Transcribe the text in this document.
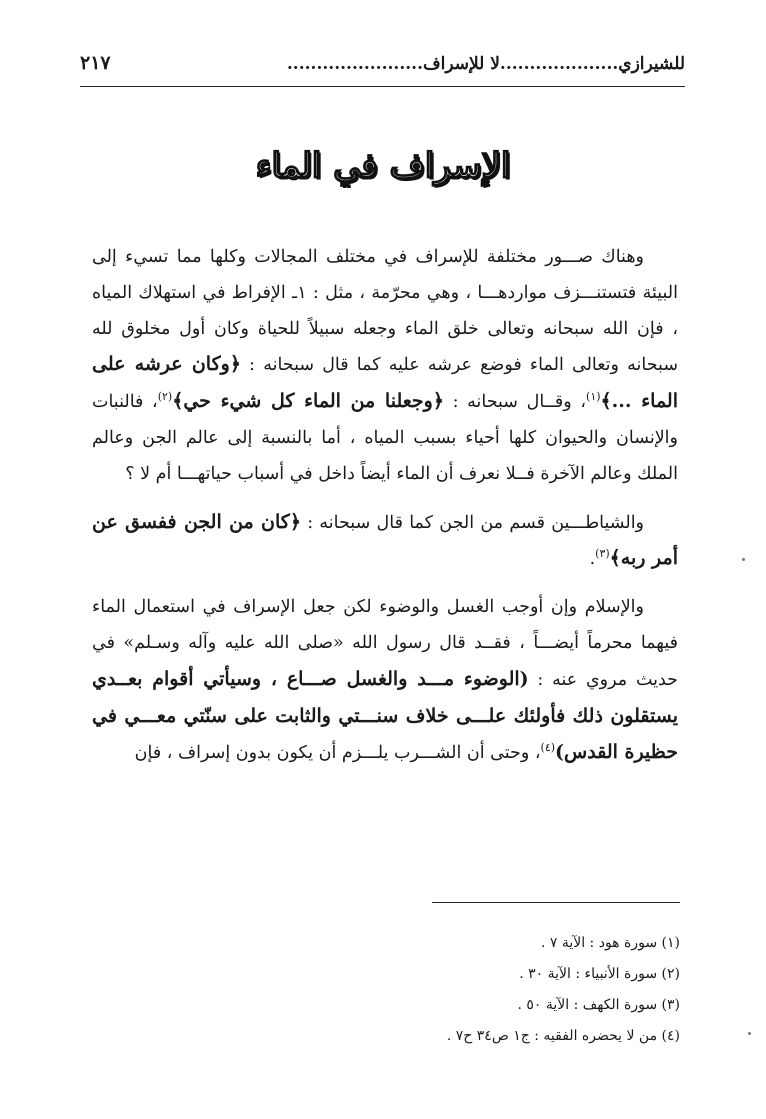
للشيرازي....................لا للإسراف.......................
٢١٧
الإسراف في الماء

وهناك صـــور مختلفة للإسراف في مختلف المجالات وكلها مما تسيء إلى البيئة فتستنـــزف مواردهـــا ، وهي محرّمة ، مثل : ١ـ الإفراط في استهلاك المياه ، فإن الله سبحانه وتعالى خلق الماء وجعله سبيلاً للحياة وكان أول مخلوق لله سبحانه وتعالى الماء فوضع عرشه عليه كما قال سبحانه : ﴿وكان عرشه على الماء ...﴾$^{(١)}$، وقــال سبحانه : ﴿وجعلنا من الماء كل شيء حي﴾$^{(٢)}$، فالنبات والإنسان والحيوان كلها أحياء بسبب المياه ، أما بالنسبة إلى عالم الجن وعالم الملك وعالم الآخرة فــلا نعرف أن الماء أيضاً داخل في أسباب حياتهـــا أم لا ؟

والشياطـــين قسم من الجن كما قال سبحانه : ﴿كان من الجن ففسق عن أمر ربه﴾$^{(٣)}$.

والإسلام وإن أوجب الغسل والوضوء لكن جعل الإسراف في استعمال الماء فيهما محرماً أيضـــاً ، فقــد قال رسول الله «صلى الله عليه وآله وسـلم» في حديث مروي عنه : (الوضوء مـــد والغسل صـــاع ، وسيأتي أقوام بعــدي يستقلون ذلك فأولئك علـــى خلاف سنـــتي والثابت على سنّتي معـــي في حظيرة القدس)$^{(٤)}$، وحتى أن الشـــرب يلـــزم أن يكون بدون إسراف ، فإن

(١) سورة هود : الآية ٧ .
(٢) سورة الأنبياء : الآية ٣٠ .
(٣) سورة الكهف : الآية ٥٠ .
(٤) من لا يحضره الفقيه : ج١ ص٣٤ ح٧ .
